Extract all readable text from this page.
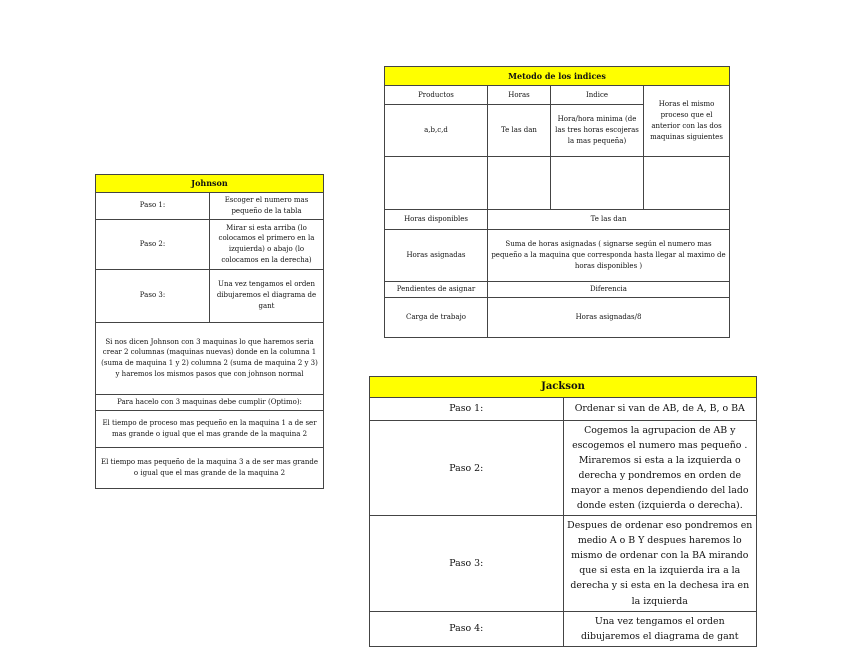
Johnson	
Paso 1:	Escoger el numero mas pequeño de la tabla
Paso 2:	Mirar si esta arriba (lo colocamos el primero en la izquierda) o abajo (lo colocamos en la derecha)
Paso 3:	Una vez tengamos el orden dibujaremos el diagrama de gant
Si nos dicen Johnson con 3 maquinas lo que haremos seria crear 2 columnas (maquinas nuevas) donde en la columna 1 (suma de maquina 1 y 2) columna 2 (suma de maquina 2 y 3) y haremos los mismos pasos que con johnson normal	
Para hacelo con 3 maquinas debe cumplir (Optimo):	
El tiempo de proceso mas pequeño en la maquina 1 a de ser mas grande o igual que el mas grande de la maquina 2	
El tiempo mas pequeño de la maquina 3 a de ser mas grande o igual que el mas grande de la maquina 2	
Metodo de los indices			
Productos	Horas	Indice	Horas el mismo proceso que el anterior con las dos maquinas siguientes
a,b,c,d	Te las dan	Hora/hora minima (de las tres horas escojeras la mas pequeña)	

Horas disponibles	Te las dan		
Horas asignadas	Suma de horas asignadas ( signarse según el numero mas pequeño a la maquina que corresponda hasta llegar al maximo de horas disponibles )		
Pendientes de asignar	Diferencia		
Carga de trabajo	Horas asignadas/8		
Jackson	
Paso 1:	Ordenar si van de AB, de A, B, o BA
Paso 2:	Cogemos la agrupacion de AB y escogemos el numero mas pequeño . Miraremos si esta a la izquierda o derecha y pondremos en orden de mayor a menos dependiendo del lado donde esten (izquierda o derecha).
Paso 3:	Despues de ordenar eso pondremos en medio A o B Y despues haremos lo mismo de ordenar con la BA mirando que si esta en la izquierda ira a la derecha y si esta en la dechesa ira en la izquierda
Paso 4:	Una vez tengamos el orden dibujaremos el diagrama de gant
